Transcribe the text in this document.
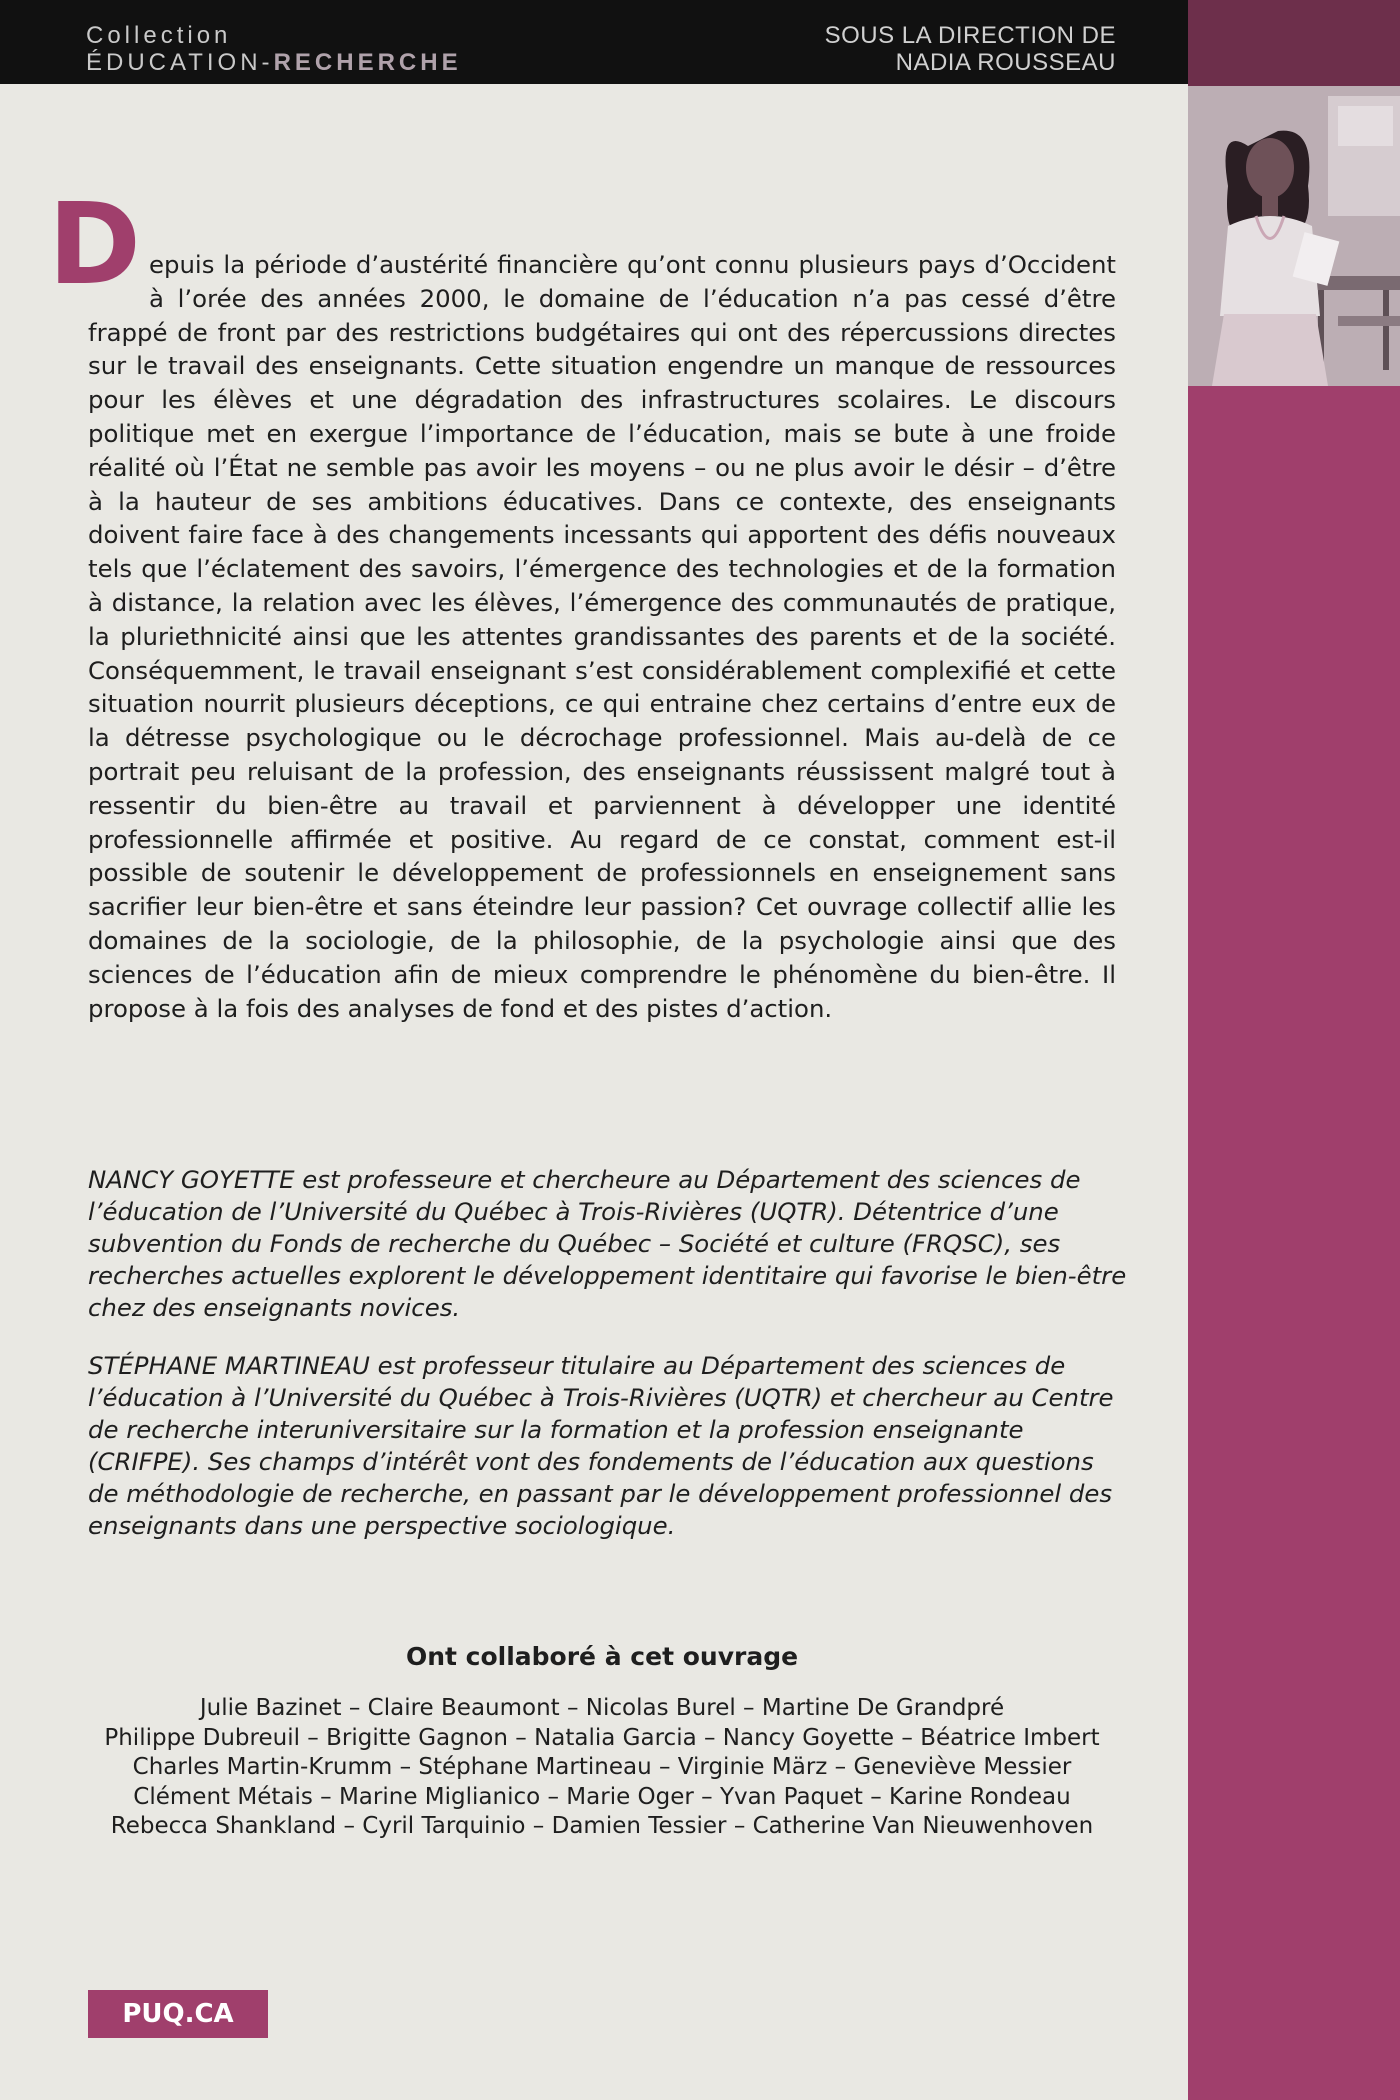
Collection
ÉDUCATION-RECHERCHE
SOUS LA DIRECTION DE
NADIA ROUSSEAU

Depuis la période d’austérité financière qu’ont connu plusieurs pays d’Occident à l’orée des années 2000, le domaine de l’éducation n’a pas cessé d’être frappé de front par des restrictions budgétaires qui ont des répercussions directes sur le travail des enseignants. Cette situation engendre un manque de ressources pour les élèves et une dégradation des infrastructures scolaires. Le discours politique met en exergue l’importance de l’éducation, mais se bute à une froide réalité où l’État ne semble pas avoir les moyens – ou ne plus avoir le désir – d’être à la hauteur de ses ambitions éducatives. Dans ce contexte, des enseignants doivent faire face à des changements incessants qui apportent des défis nouveaux tels que l’éclatement des savoirs, l’émergence des technologies et de la formation à distance, la relation avec les élèves, l’émergence des communautés de pratique, la pluriethnicité ainsi que les attentes grandissantes des parents et de la société. Conséquemment, le travail enseignant s’est considérablement complexifié et cette situation nourrit plusieurs déceptions, ce qui entraine chez certains d’entre eux de la détresse psychologique ou le décrochage professionnel. Mais au-delà de ce portrait peu reluisant de la profession, des enseignants réussissent malgré tout à ressentir du bien-être au travail et parviennent à développer une identité professionnelle affirmée et positive. Au regard de ce constat, comment est-il possible de soutenir le développement de professionnels en enseignement sans sacrifier leur bien-être et sans éteindre leur passion? Cet ouvrage collectif allie les domaines de la sociologie, de la philosophie, de la psychologie ainsi que des sciences de l’éducation afin de mieux comprendre le phénomène du bien-être. Il propose à la fois des analyses de fond et des pistes d’action.

NANCY GOYETTE est professeure et chercheure au Département des sciences de l’éducation de l’Université du Québec à Trois-Rivières (UQTR). Détentrice d’une subvention du Fonds de recherche du Québec – Société et culture (FRQSC), ses recherches actuelles explorent le développement identitaire qui favorise le bien-être chez des enseignants novices.

STÉPHANE MARTINEAU est professeur titulaire au Département des sciences de l’éducation à l’Université du Québec à Trois-Rivières (UQTR) et chercheur au Centre de recherche interuniversitaire sur la formation et la profession enseignante (CRIFPE). Ses champs d’intérêt vont des fondements de l’éducation aux questions de méthodologie de recherche, en passant par le développement professionnel des enseignants dans une perspective sociologique.

Ont collaboré à cet ouvrage

Julie Bazinet – Claire Beaumont – Nicolas Burel – Martine De Grandpré
Philippe Dubreuil – Brigitte Gagnon – Natalia Garcia – Nancy Goyette – Béatrice Imbert
Charles Martin-Krumm – Stéphane Martineau – Virginie März – Geneviève Messier
Clément Métais – Marine Miglianico – Marie Oger – Yvan Paquet – Karine Rondeau
Rebecca Shankland – Cyril Tarquinio – Damien Tessier – Catherine Van Nieuwenhoven

PUQ.CA
